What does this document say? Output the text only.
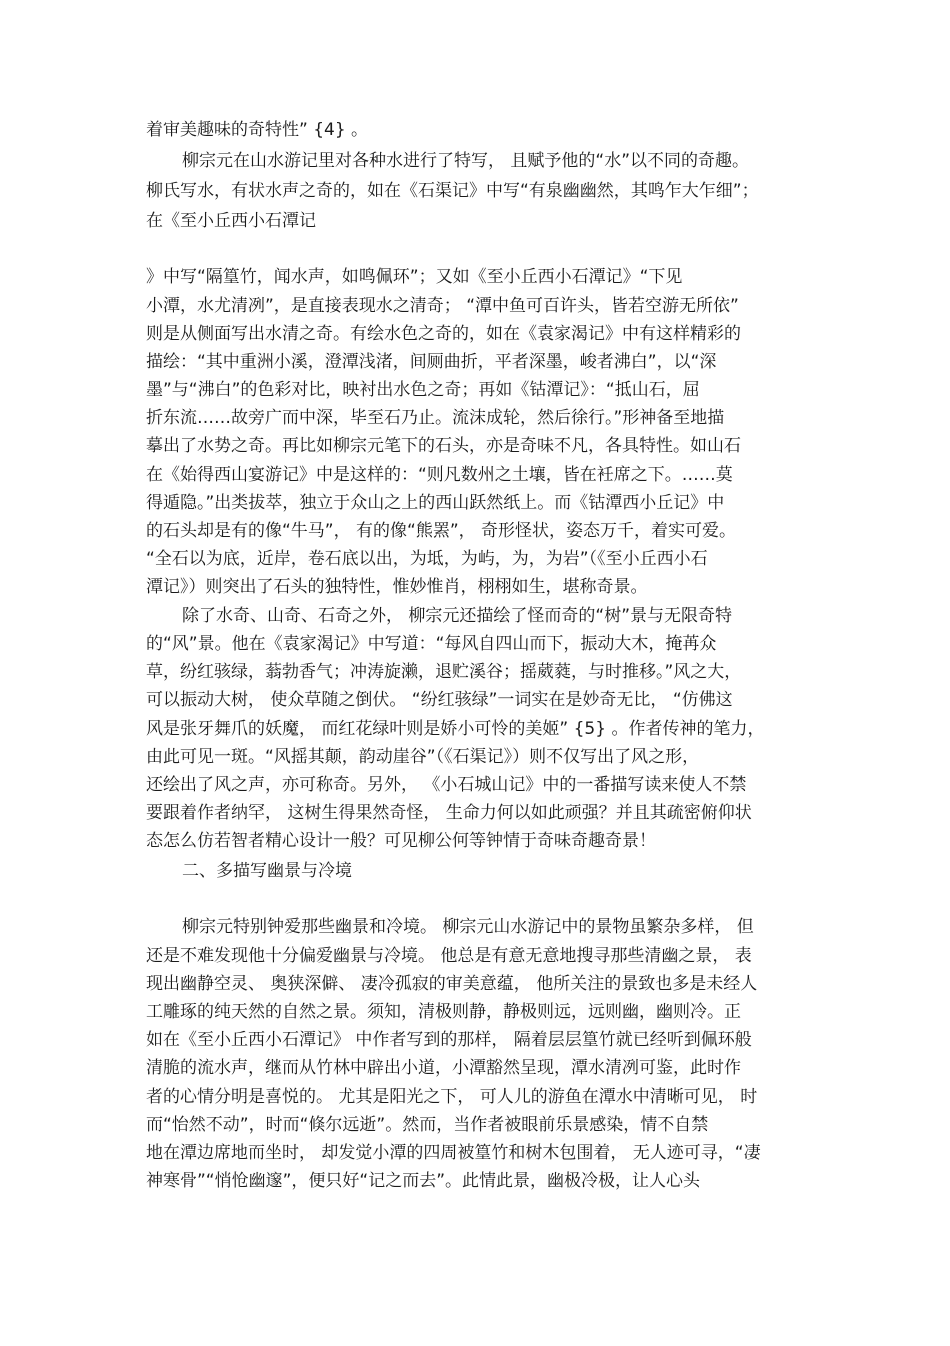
着审美趣味的奇特性” {4} 。
柳宗元在山水游记里对各种水进行了特写， 且赋予他的“水”以不同的奇趣。
柳氏写水，有状水声之奇的，如在《石渠记》中写“有泉幽幽然，其鸣乍大乍细”；
在《至小丘西小石潭记
》中写“隔篁竹，闻水声，如鸣佩环”；又如《至小丘西小石潭记》“下见
小潭，水尤清冽”，是直接表现水之清奇； “潭中鱼可百许头，皆若空游无所依”
则是从侧面写出水清之奇。有绘水色之奇的，如在《袁家渴记》中有这样精彩的
描绘：“其中重洲小溪，澄潭浅渚，间厕曲折，平者深墨，峻者沸白”，以“深
墨”与“沸白”的色彩对比，映衬出水色之奇；再如《钴潭记》：“抵山石，屈
折东流……故旁广而中深，毕至石乃止。流沫成轮，然后徐行。”形神备至地描
摹出了水势之奇。再比如柳宗元笔下的石头，亦是奇味不凡，各具特性。如山石
在《始得西山宴游记》中是这样的：“则凡数州之土壤，皆在衽席之下。……莫
得遁隐。”出类拔萃，独立于众山之上的西山跃然纸上。而《钴潭西小丘记》中
的石头却是有的像“牛马”， 有的像“熊罴”， 奇形怪状，姿态万千，着实可爱。
“全石以为底，近岸，卷石底以出，为坻，为屿，为，为岩”（《至小丘西小石
潭记》）则突出了石头的独特性，惟妙惟肖，栩栩如生，堪称奇景。
除了水奇、山奇、石奇之外， 柳宗元还描绘了怪而奇的“树”景与无限奇特
的“风”景。他在《袁家渴记》中写道：“每风自四山而下，振动大木，掩苒众
草，纷红骇绿，蓊勃香气；冲涛旋濑，退贮溪谷；摇葳蕤，与时推移。”风之大，
可以振动大树， 使众草随之倒伏。 “纷红骇绿”一词实在是妙奇无比， “仿佛这
风是张牙舞爪的妖魔， 而红花绿叶则是娇小可怜的美姬” {5} 。作者传神的笔力，
由此可见一斑。“风摇其颠，韵动崖谷”（《石渠记》）则不仅写出了风之形，
还绘出了风之声，亦可称奇。另外， 《小石城山记》中的一番描写读来使人不禁
要跟着作者纳罕， 这树生得果然奇怪， 生命力何以如此顽强？并且其疏密俯仰状
态怎么仿若智者精心设计一般？可见柳公何等钟情于奇味奇趣奇景！
二、多描写幽景与冷境
柳宗元特别钟爱那些幽景和冷境。 柳宗元山水游记中的景物虽繁杂多样， 但
还是不难发现他十分偏爱幽景与冷境。 他总是有意无意地搜寻那些清幽之景， 表
现出幽静空灵、 奥狭深僻、 凄冷孤寂的审美意蕴， 他所关注的景致也多是未经人
工雕琢的纯天然的自然之景。须知，清极则静，静极则远，远则幽，幽则冷。正
如在《至小丘西小石潭记》 中作者写到的那样， 隔着层层篁竹就已经听到佩环般
清脆的流水声，继而从竹林中辟出小道，小潭豁然呈现，潭水清冽可鉴，此时作
者的心情分明是喜悦的。 尤其是阳光之下， 可人儿的游鱼在潭水中清晰可见， 时
而“怡然不动”，时而“倏尔远逝”。然而，当作者被眼前乐景感染，情不自禁
地在潭边席地而坐时， 却发觉小潭的四周被篁竹和树木包围着， 无人迹可寻，“凄
神寒骨”“悄怆幽邃”，便只好“记之而去”。此情此景，幽极冷极，让人心头
